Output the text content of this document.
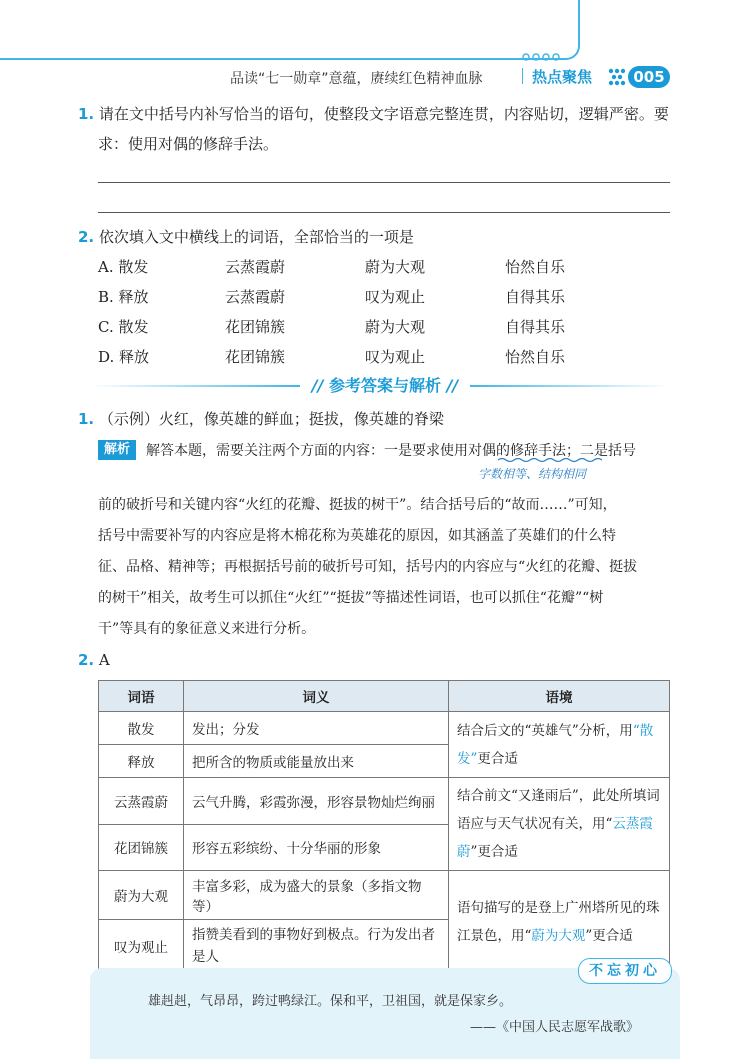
品读“七一勋章”意蕴，赓续红色精神血脉	热点聚焦	005
1. 请在文中括号内补写恰当的语句，使整段文字语意完整连贯，内容贴切，逻辑严密。要
求：使用对偶的修辞手法。
2. 依次填入文中横线上的词语，全部恰当的一项是
A. 散发	云蒸霞蔚	蔚为大观	怡然自乐
B. 释放	云蒸霞蔚	叹为观止	自得其乐
C. 散发	花团锦簇	蔚为大观	自得其乐
D. 释放	花团锦簇	叹为观止	怡然自乐
// 参考答案与解析 //
1. （示例）火红，像英雄的鲜血；挺拔，像英雄的脊梁
解析	解答本题，需要关注两个方面的内容：一是要求使用对偶的修辞手法；二是括号
字数相等、结构相同
前的破折号和关键内容“火红的花瓣、挺拔的树干”。结合括号后的“故而……”可知，
括号中需要补写的内容应是将木棉花称为英雄花的原因，如其涵盖了英雄们的什么特
征、品格、精神等；再根据括号前的破折号可知，括号内的内容应与“火红的花瓣、挺拔
的树干”相关，故考生可以抓住“火红”“挺拔”等描述性词语，也可以抓住“花瓣”“树
干”等具有的象征意义来进行分析。
2. A
词语	词义	语境
散发	发出；分发	结合后文的“英雄气”分析，用“散发”更合适
释放	把所含的物质或能量放出来	
云蒸霞蔚	云气升腾，彩霞弥漫，形容景物灿烂绚丽	结合前文“又逢雨后”，此处所填词语应与天气状况有关，用“云蒸霞蔚”更合适
花团锦簇	形容五彩缤纷、十分华丽的形象	
蔚为大观	丰富多彩，成为盛大的景象（多指文物等）	语句描写的是登上广州塔所见的珠江景色，用“蔚为大观”更合适
叹为观止	指赞美看到的事物好到极点。行为发出者是人	
不忘初心
雄赳赳，气昂昂，跨过鸭绿江。保和平，卫祖国，就是保家乡。
——《中国人民志愿军战歌》
